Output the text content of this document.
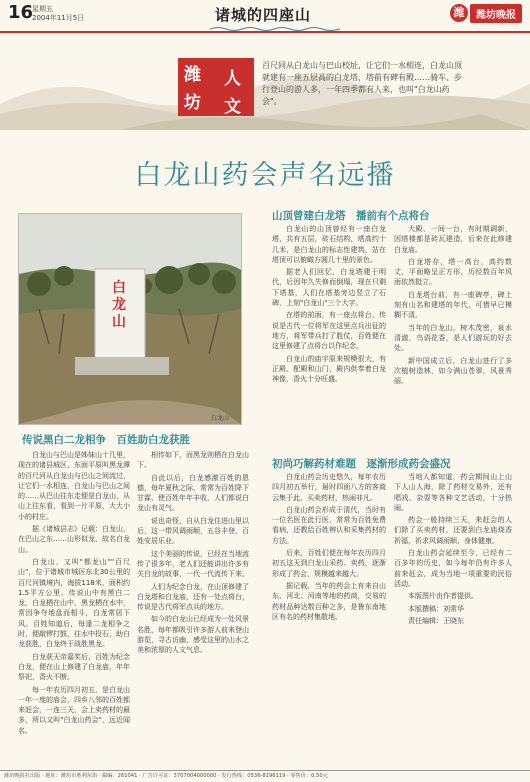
16
星期五
2004年11月5日	诸城的四座山	潍	潍坊晚报
潍 人
坊 文
百尺同从白龙山与巴山校址，让它们一水相连，白龙山顶就建有一座五层高的白龙塔，塔前有碑有殿……骑车、步行登山的游人多，一年四季都有人来，也叫"白龙山药会"。
白龙山药会声名远播
白龙山
白龙山
传说黑白二龙相争　百姓助白龙获胜
山顶曾建白龙塔　播前有个点将台
初尚巧解药材难题　逐渐形成药会盛况

白龙山与巴山是姊妹山十几里，现在的诸县城区，东面平原叫黑龙潭的百尺河从白龙山与巴山之间流过，让它们一水相连，白龙山与巴山之间的……从巴山往东走便是白龙山，从山上往东看，看到一片平原，大大小小的村庄。

据《诸城县志》记载：白龙山，在巴山之东……山形似龙，故名白龙山。

白龙山，又叫"都龙山""百尺山"，位于诸城市城区东北30公里的百尺河镇境内，海拔118米，面积约1.5平方公里。传说山中有黑白二龙，白龙栖在山中，黑龙栖在水中，常因争夺地盘而相斗，白龙常居下风。百姓知道后，每逢二龙相争之时，便敲锣打鼓，往水中投石，助白龙获胜，白龙终于战胜黑龙。

白龙获天帝嘉奖后，百姓为纪念白龙，便在山上修建了白龙庙，年年祭祀，香火不断。

每一年农历四月初五，是白龙山一年一度的庙会，四乡八邻的百姓都来赶会，一连三天，会上卖药材的最多，所以又叫"白龙山药会"，远近闻名。

相传如下，而黑龙则栖在白龙山下。

自此以后，白龙感激百姓的恩德，每年夏秋之际，常常为百姓降下甘霖，使百姓年年丰收，人们都说白龙山有灵气。

说也奇怪，自从白龙住进山里以后，这一带风调雨顺，五谷丰登，百姓安居乐业。

这个美丽的传说，已经在当地流传了很多年，老人们还能讲出许多有关白龙的故事，一代一代流传下来。

人们为纪念白龙，在山顶修建了白龙塔和白龙庙，还有一处点将台，传说是古代将军点兵的地方。

如今的白龙山已经成为一处风景名胜，每年都吸引许多游人前来登山游览，寻古访幽，感受这里的山水之美和浓厚的人文气息。

白龙山的山顶曾经有一座白龙塔，共有五层，砖石结构，塔高约十几米，是白龙山的标志性建筑，站在塔顶可以俯瞰方圆几十里的景色。

据老人们回忆，白龙塔建于明代，后因年久失修而倒塌，现在只剩下塔基，人们在塔基旁边竖立了石碑，上刻"白龙山"三个大字。

在塔的前面，有一座点将台，传说是古代一位将军在这里点兵出征的地方，将军带兵打了胜仗，百姓便在这里修建了点将台以作纪念。

白龙山的庙宇原来规模很大，有正殿、配殿和山门，殿内供奉着白龙神像，香火十分旺盛。

大殿、一间一台，有时期调新，因塔楼都是砖瓦建造，后来在此修建白龙庙。

白龙塔存，塔一高台，高约数丈，平面略呈正方形，历经数百年风雨依然挺立。

白龙塔台前，有一座碑亭，碑上刻有山名和建塔的年代，可惜早已模糊不清。

当年的白龙山，树木茂密，泉水清澈，鸟语花香，是人们游玩的好去处。

新中国成立后，白龙山进行了多次植树造林，如今满山苍翠，风景秀丽。

白龙山药会历史悠久，每年农历四月初五举行，届时四面八方的客商云集于此，买卖药材，热闹非凡。

白龙山药会形成于清代，当时有一位名医在此行医，常常为百姓免费看病，还教给百姓辨认和采集药材的方法。

后来，百姓们便在每年农历四月初五这天到白龙山采药、卖药，逐渐形成了药会，规模越来越大。

据记载，当年的药会上有来自山东、河北、河南等地的药商，交易的药材品种达数百种之多，是鲁东南地区有名的药材集散地。

当地人都知道，药会期间山上山下人山人海，除了药材交易外，还有唱戏、杂耍等各种文艺活动，十分热闹。

药会一般持续三天，来赶会的人们除了买卖药材，还要到白龙庙烧香祈福，祈求风调雨顺、身体健康。

白龙山药会延续至今，已经有二百多年的历史，如今每年仍有许多人前来赶会，成为当地一项重要的民俗活动。

本版图片由作者提供。

本版撰稿：刘常华

责任编辑：王晓东

潍坊晚报社出版 · 地址：潍坊市胜利东街 · 邮编：261041 · 广告许可证：3707004000000 · 发行热线：0536-8196119 · 零售价：0.50元
